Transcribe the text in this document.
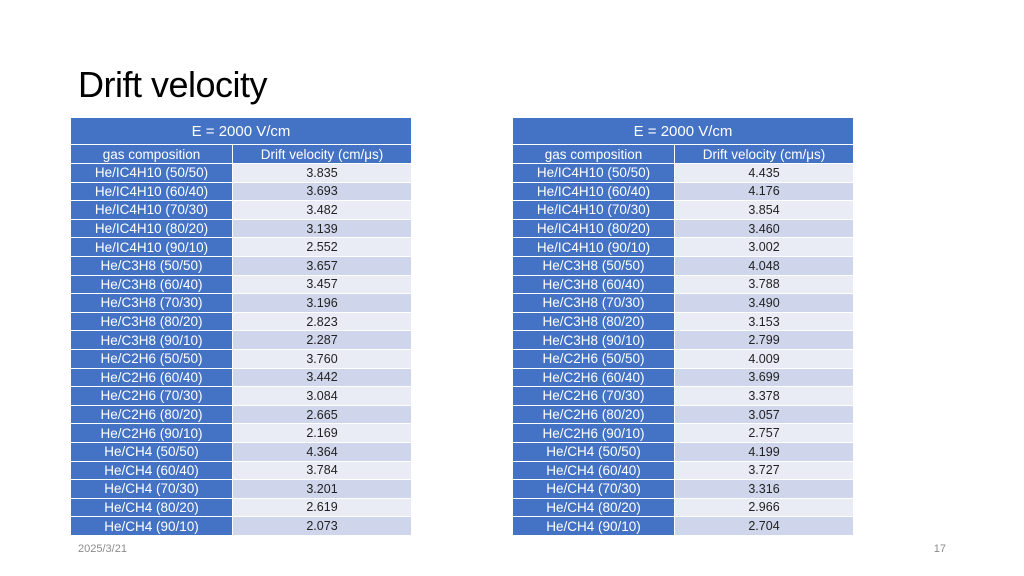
Drift velocity
E = 2000 V/cm	
gas composition	Drift velocity (cm/μs)
He/IC4H10 (50/50)	3.835
He/IC4H10 (60/40)	3.693
He/IC4H10 (70/30)	3.482
He/IC4H10 (80/20)	3.139
He/IC4H10 (90/10)	2.552
He/C3H8 (50/50)	3.657
He/C3H8 (60/40)	3.457
He/C3H8 (70/30)	3.196
He/C3H8 (80/20)	2.823
He/C3H8 (90/10)	2.287
He/C2H6 (50/50)	3.760
He/C2H6 (60/40)	3.442
He/C2H6 (70/30)	3.084
He/C2H6 (80/20)	2.665
He/C2H6 (90/10)	2.169
He/CH4 (50/50)	4.364
He/CH4 (60/40)	3.784
He/CH4 (70/30)	3.201
He/CH4 (80/20)	2.619
He/CH4 (90/10)	2.073
E = 2000 V/cm	
gas composition	Drift velocity (cm/μs)
He/IC4H10 (50/50)	4.435
He/IC4H10 (60/40)	4.176
He/IC4H10 (70/30)	3.854
He/IC4H10 (80/20)	3.460
He/IC4H10 (90/10)	3.002
He/C3H8 (50/50)	4.048
He/C3H8 (60/40)	3.788
He/C3H8 (70/30)	3.490
He/C3H8 (80/20)	3.153
He/C3H8 (90/10)	2.799
He/C2H6 (50/50)	4.009
He/C2H6 (60/40)	3.699
He/C2H6 (70/30)	3.378
He/C2H6 (80/20)	3.057
He/C2H6 (90/10)	2.757
He/CH4 (50/50)	4.199
He/CH4 (60/40)	3.727
He/CH4 (70/30)	3.316
He/CH4 (80/20)	2.966
He/CH4 (90/10)	2.704
2025/3/21	17
